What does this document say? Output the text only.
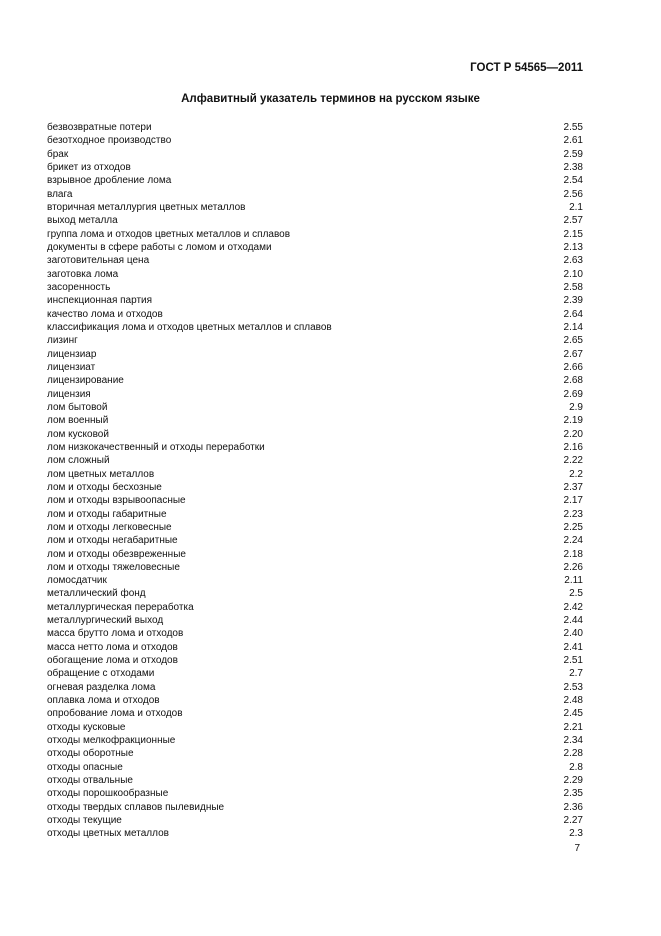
ГОСТ Р 54565—2011
Алфавитный указатель терминов на русском языке
безвозвратные потери	2.55
безотходное производство	2.61
брак	2.59
брикет из отходов	2.38
взрывное дробление лома	2.54
влага	2.56
вторичная металлургия цветных металлов	2.1
выход металла	2.57
группа лома и отходов цветных металлов и сплавов	2.15
документы в сфере работы с ломом и отходами	2.13
заготовительная цена	2.63
заготовка лома	2.10
засоренность	2.58
инспекционная партия	2.39
качество лома и отходов	2.64
классификация лома и отходов цветных металлов и сплавов	2.14
лизинг	2.65
лицензиар	2.67
лицензиат	2.66
лицензирование	2.68
лицензия	2.69
лом бытовой	2.9
лом военный	2.19
лом кусковой	2.20
лом низкокачественный и отходы переработки	2.16
лом сложный	2.22
лом цветных металлов	2.2
лом и отходы бесхозные	2.37
лом и отходы взрывоопасные	2.17
лом и отходы габаритные	2.23
лом и отходы легковесные	2.25
лом и отходы негабаритные	2.24
лом и отходы обезвреженные	2.18
лом и отходы тяжеловесные	2.26
ломосдатчик	2.11
металлический фонд	2.5
металлургическая переработка	2.42
металлургический выход	2.44
масса брутто лома и отходов	2.40
масса нетто лома и отходов	2.41
обогащение лома и отходов	2.51
обращение с отходами	2.7
огневая разделка лома	2.53
оплавка лома и отходов	2.48
опробование лома и отходов	2.45
отходы кусковые	2.21
отходы мелкофракционные	2.34
отходы оборотные	2.28
отходы опасные	2.8
отходы отвальные	2.29
отходы порошкообразные	2.35
отходы твердых сплавов пылевидные	2.36
отходы текущие	2.27
отходы цветных металлов	2.3
7
